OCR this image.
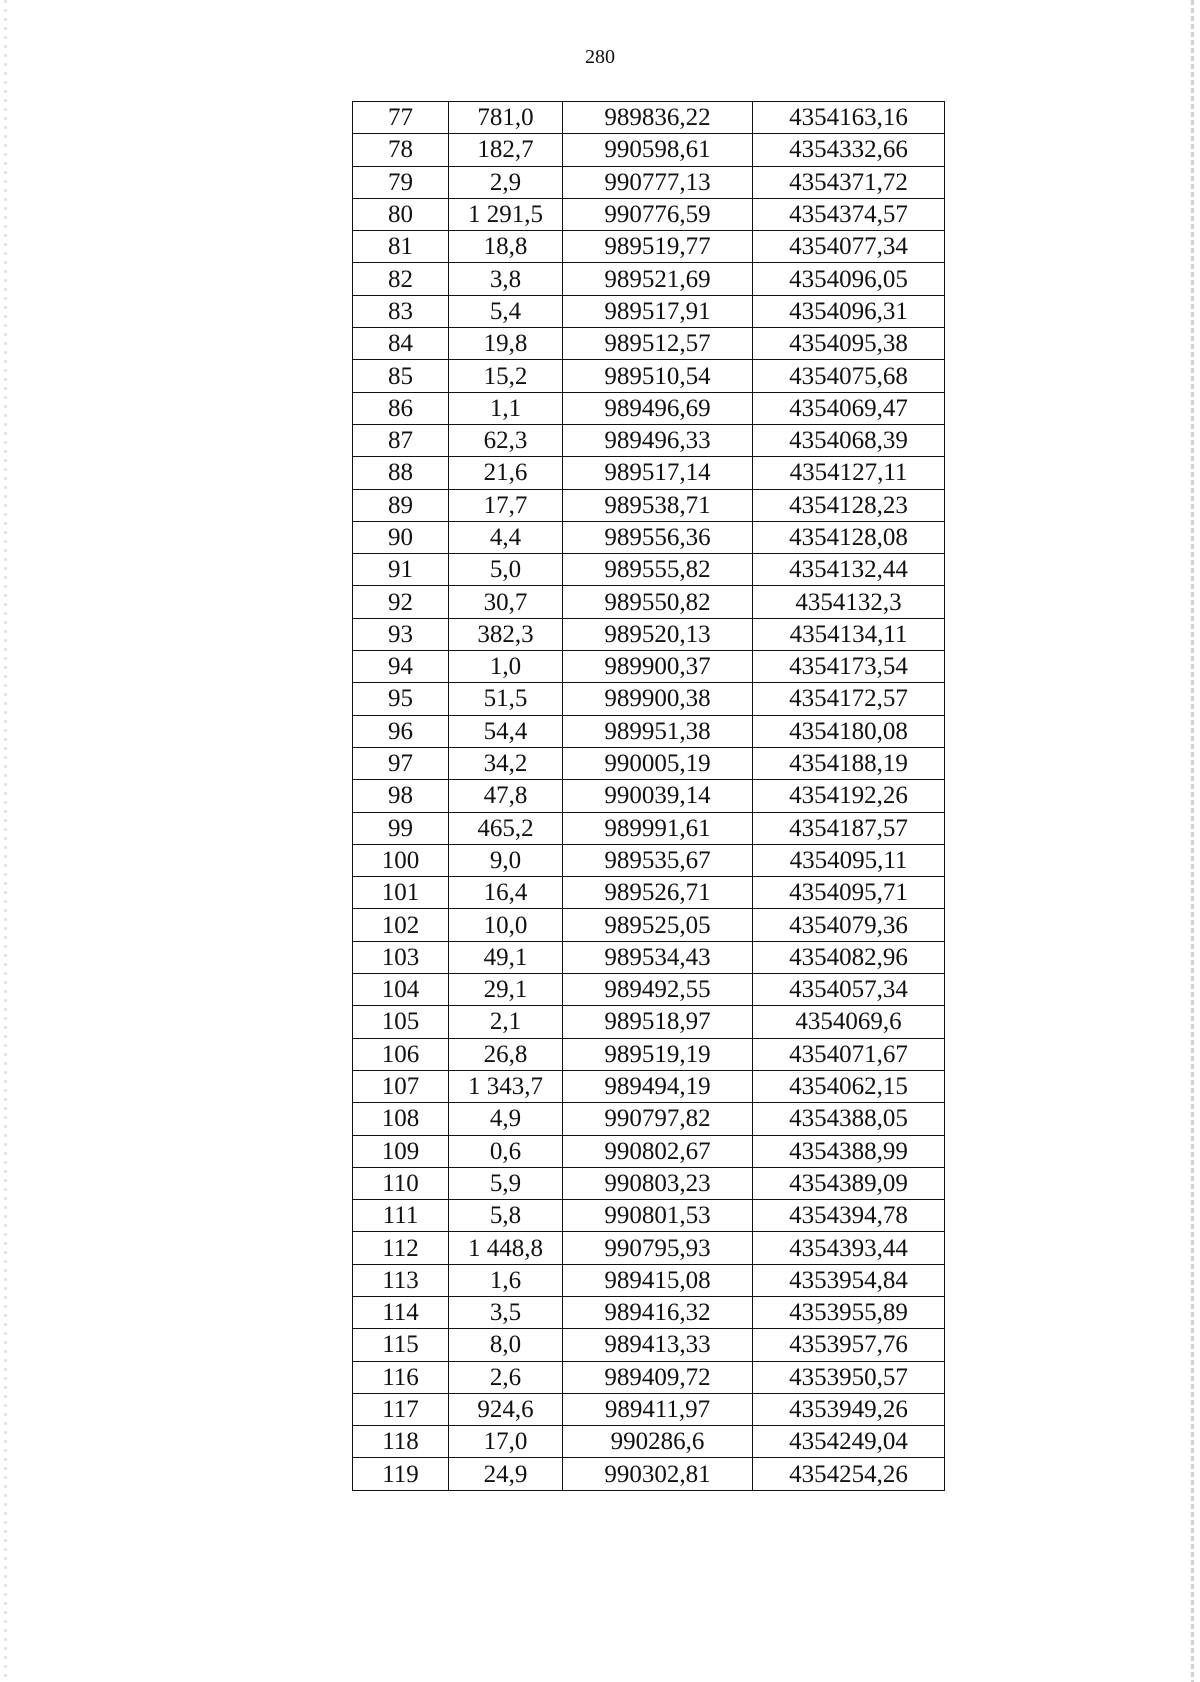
280
77	781,0	989836,22	4354163,16
78	182,7	990598,61	4354332,66
79	2,9	990777,13	4354371,72
80	1 291,5	990776,59	4354374,57
81	18,8	989519,77	4354077,34
82	3,8	989521,69	4354096,05
83	5,4	989517,91	4354096,31
84	19,8	989512,57	4354095,38
85	15,2	989510,54	4354075,68
86	1,1	989496,69	4354069,47
87	62,3	989496,33	4354068,39
88	21,6	989517,14	4354127,11
89	17,7	989538,71	4354128,23
90	4,4	989556,36	4354128,08
91	5,0	989555,82	4354132,44
92	30,7	989550,82	4354132,3
93	382,3	989520,13	4354134,11
94	1,0	989900,37	4354173,54
95	51,5	989900,38	4354172,57
96	54,4	989951,38	4354180,08
97	34,2	990005,19	4354188,19
98	47,8	990039,14	4354192,26
99	465,2	989991,61	4354187,57
100	9,0	989535,67	4354095,11
101	16,4	989526,71	4354095,71
102	10,0	989525,05	4354079,36
103	49,1	989534,43	4354082,96
104	29,1	989492,55	4354057,34
105	2,1	989518,97	4354069,6
106	26,8	989519,19	4354071,67
107	1 343,7	989494,19	4354062,15
108	4,9	990797,82	4354388,05
109	0,6	990802,67	4354388,99
110	5,9	990803,23	4354389,09
111	5,8	990801,53	4354394,78
112	1 448,8	990795,93	4354393,44
113	1,6	989415,08	4353954,84
114	3,5	989416,32	4353955,89
115	8,0	989413,33	4353957,76
116	2,6	989409,72	4353950,57
117	924,6	989411,97	4353949,26
118	17,0	990286,6	4354249,04
119	24,9	990302,81	4354254,26
